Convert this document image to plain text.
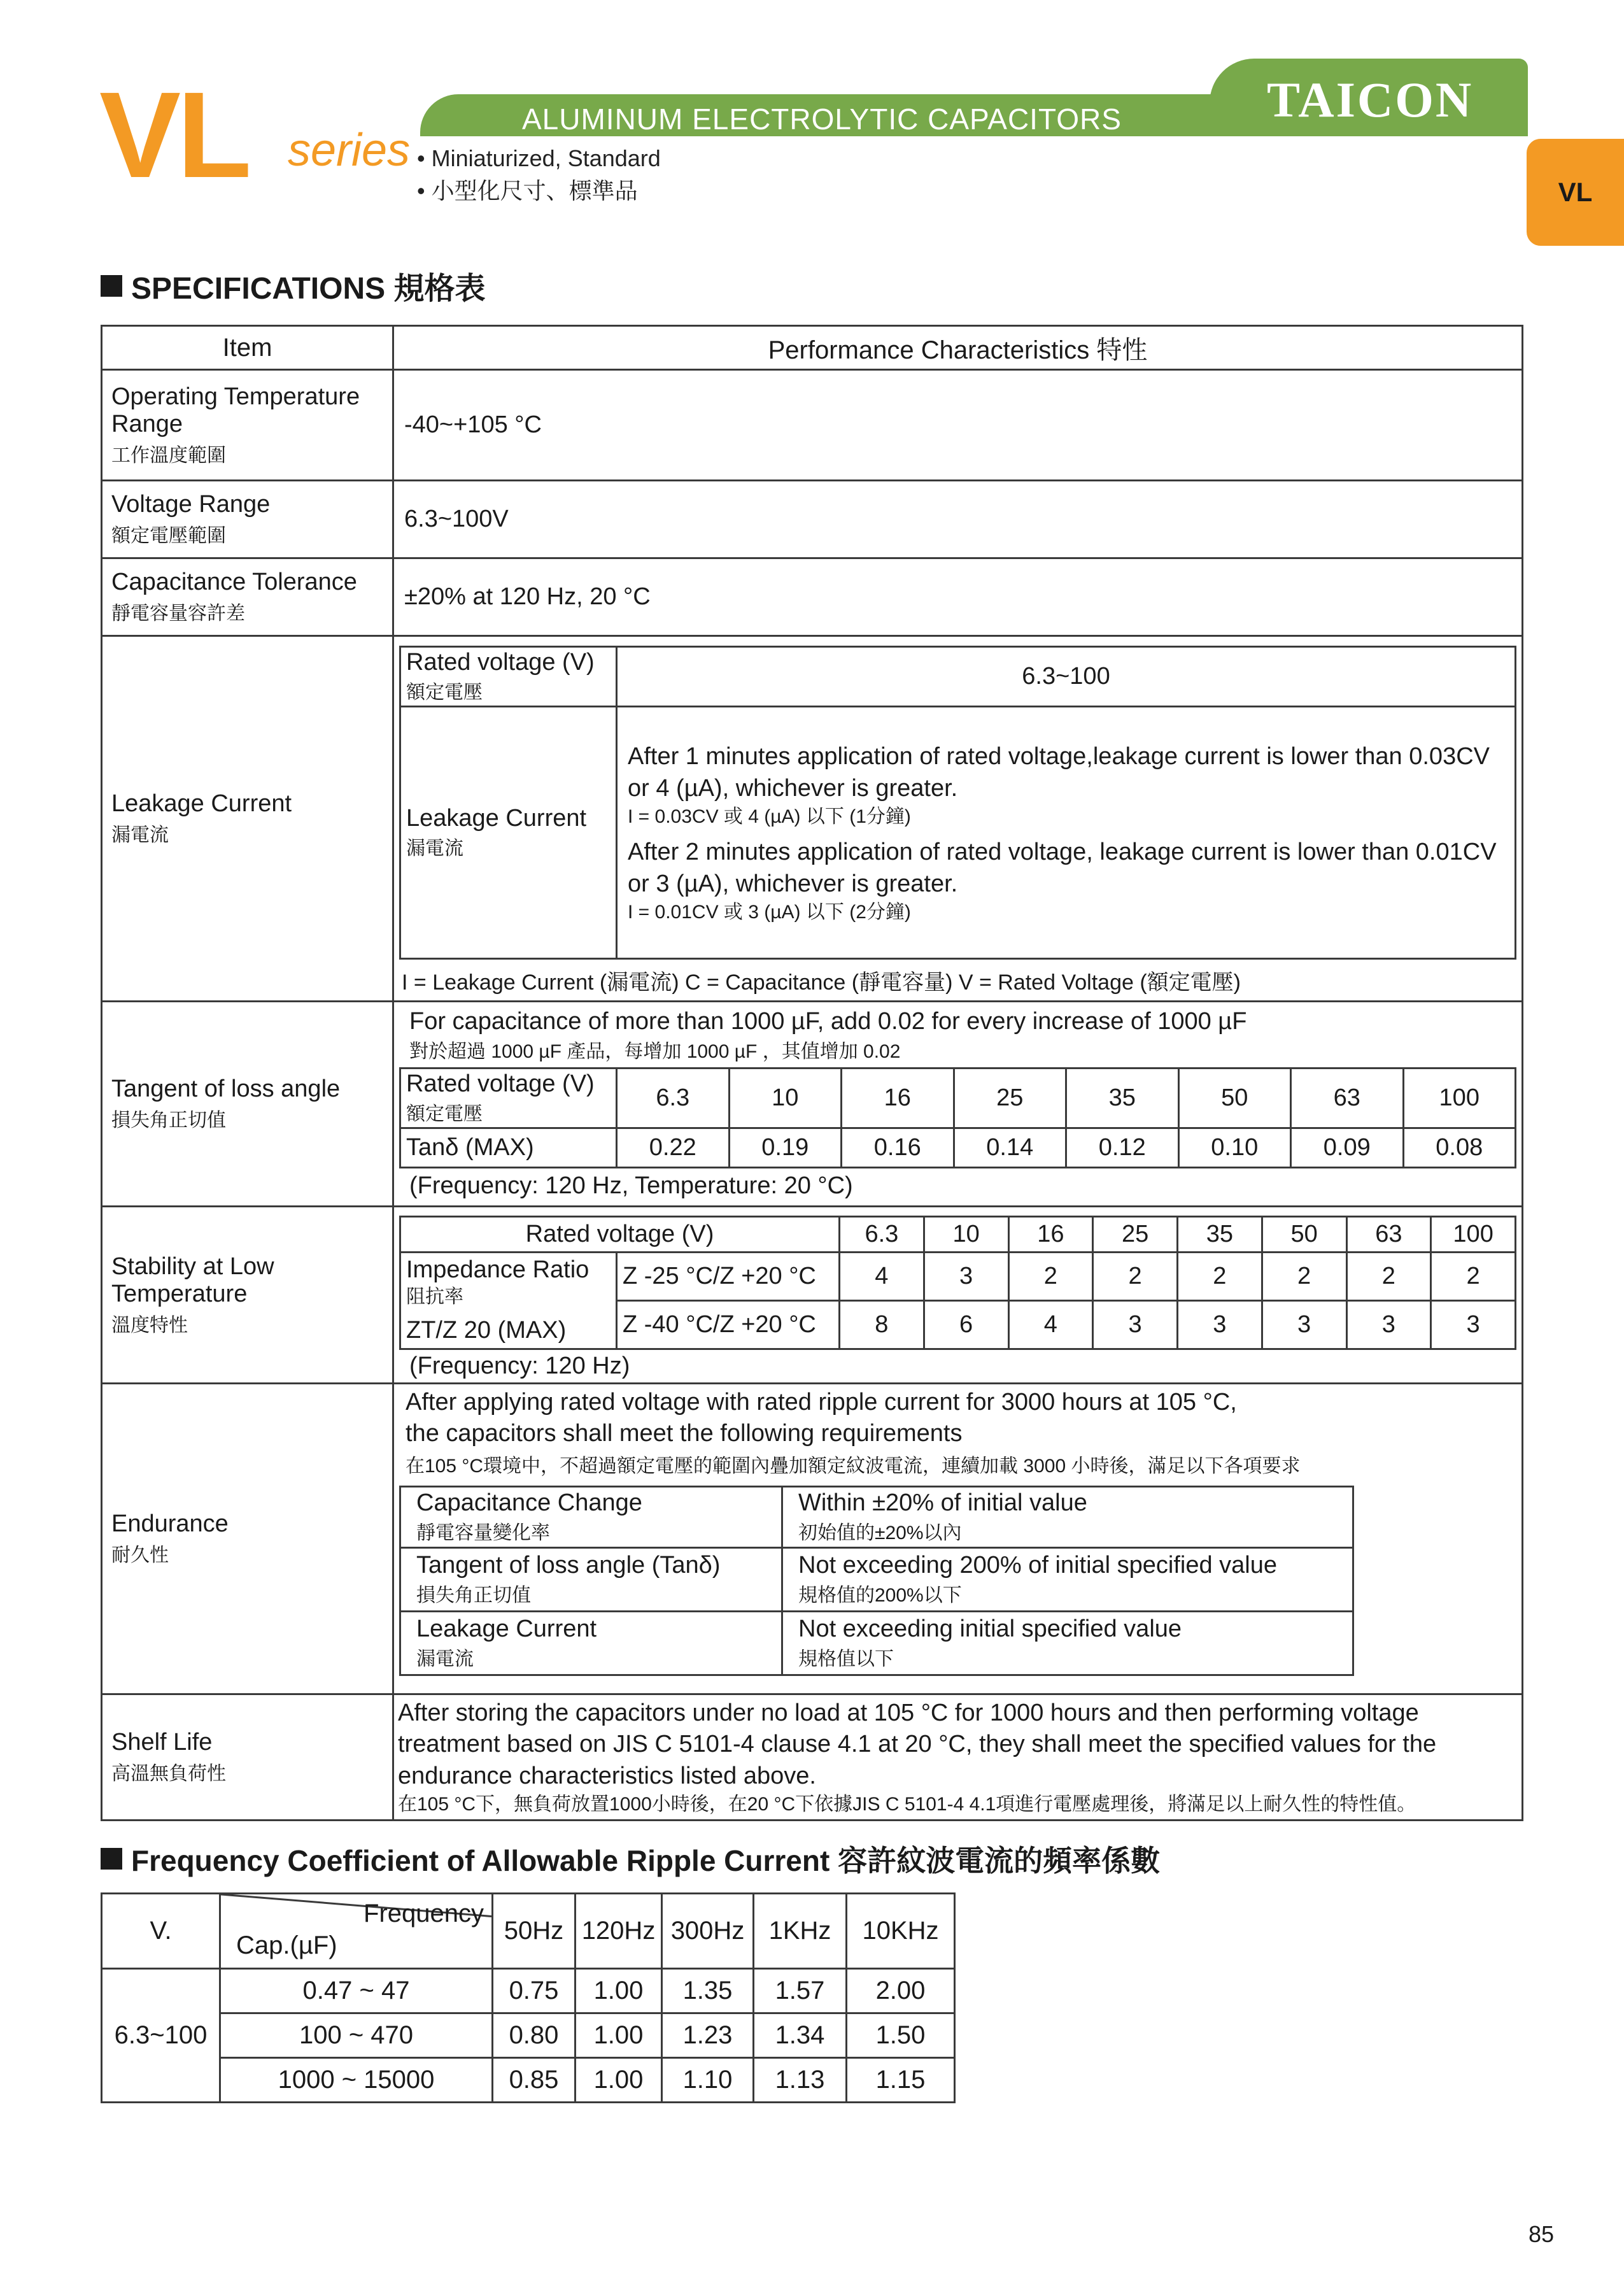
VL series
TAICON
ALUMINUM ELECTROLYTIC CAPACITORS
• Miniaturized, Standard
• 小型化尺寸、標準品	VL
SPECIFICATIONS 規格表
Item	Performance Characteristics 特性
Operating Temperature Range
工作溫度範圍
	-40~+105 °C
Voltage Range
額定電壓範圍
	6.3~100V
Capacitance Tolerance
靜電容量容許差
	±20% at 120 Hz, 20 °C
Leakage Current
漏電流

Rated voltage (V)
額定電壓
	6.3~100
Leakage Current
漏電流

After 1 minutes application of rated voltage,leakage current is lower than 0.03CV or 4 (µA), whichever is greater.
I = 0.03CV 或 4 (µA) 以下 (1分鐘)
After 2 minutes application of rated voltage, leakage current is lower than 0.01CV or 3 (µA), whichever is greater.
I = 0.01CV 或 3 (µA) 以下 (2分鐘)
I = Leakage Current (漏電流) C = Capacitance (靜電容量) V = Rated Voltage (額定電壓)

Tangent of loss angle
損失角正切值

For capacitance of more than 1000 µF, add 0.02 for every increase of 1000 µF
對於超過 1000 µF 產品，每增加 1000 µF ，其值增加 0.02
Rated voltage (V)
額定電壓
	6.3	10	16	25	35	50	63	100
Tanδ (MAX)	0.22	0.19	0.16	0.14	0.12	0.10	0.09	0.08
(Frequency: 120 Hz, Temperature: 20 °C)

Stability at Low Temperature
溫度特性

Rated voltage (V)	6.3	10	16	25	35	50	63	100
Impedance Ratio
阻抗率
ZT/Z 20 (MAX)
	Z -25 °C/Z +20 °C	4	3	2	2	2	2	2	2
Z -40 °C/Z +20 °C	8	6	4	3	3	3	3	3
(Frequency: 120 Hz)

Endurance
耐久性

After applying rated voltage with rated ripple current for 3000 hours at 105 °C,
the capacitors shall meet the following requirements
在105 °C環境中，不超過額定電壓的範圍內疊加額定紋波電流，連續加載 3000 小時後，滿足以下各項要求
Capacitance Change
靜電容量變化率
	Within ±20% of initial value
初始值的±20%以內

Tangent of loss angle (Tanδ)
損失角正切值
	Not exceeding 200% of initial specified value
規格值的200%以下

Leakage Current
漏電流
	Not exceeding initial specified value
規格值以下

Shelf Life
高溫無負荷性

After storing the capacitors under no load at 105 °C for 1000 hours and then performing voltage treatment based on JIS C 5101-4 clause 4.1 at 20 °C, they shall meet the specified values for the endurance characteristics listed above.
在105 °C下，無負荷放置1000小時後，在20 °C下依據JIS C 5101-4 4.1項進行電壓處理後，將滿足以上耐久性的特性值。
Frequency Coefficient of Allowable Ripple Current 容許紋波電流的頻率係數
V.	Frequency
Cap.(µF)	50Hz	120Hz	300Hz	1KHz	10KHz
6.3~100	0.47 ~ 47	0.75	1.00	1.35	1.57	2.00
	100 ~ 470	0.80	1.00	1.23	1.34	1.50
	1000 ~ 15000	0.85	1.00	1.10	1.13	1.15
85
